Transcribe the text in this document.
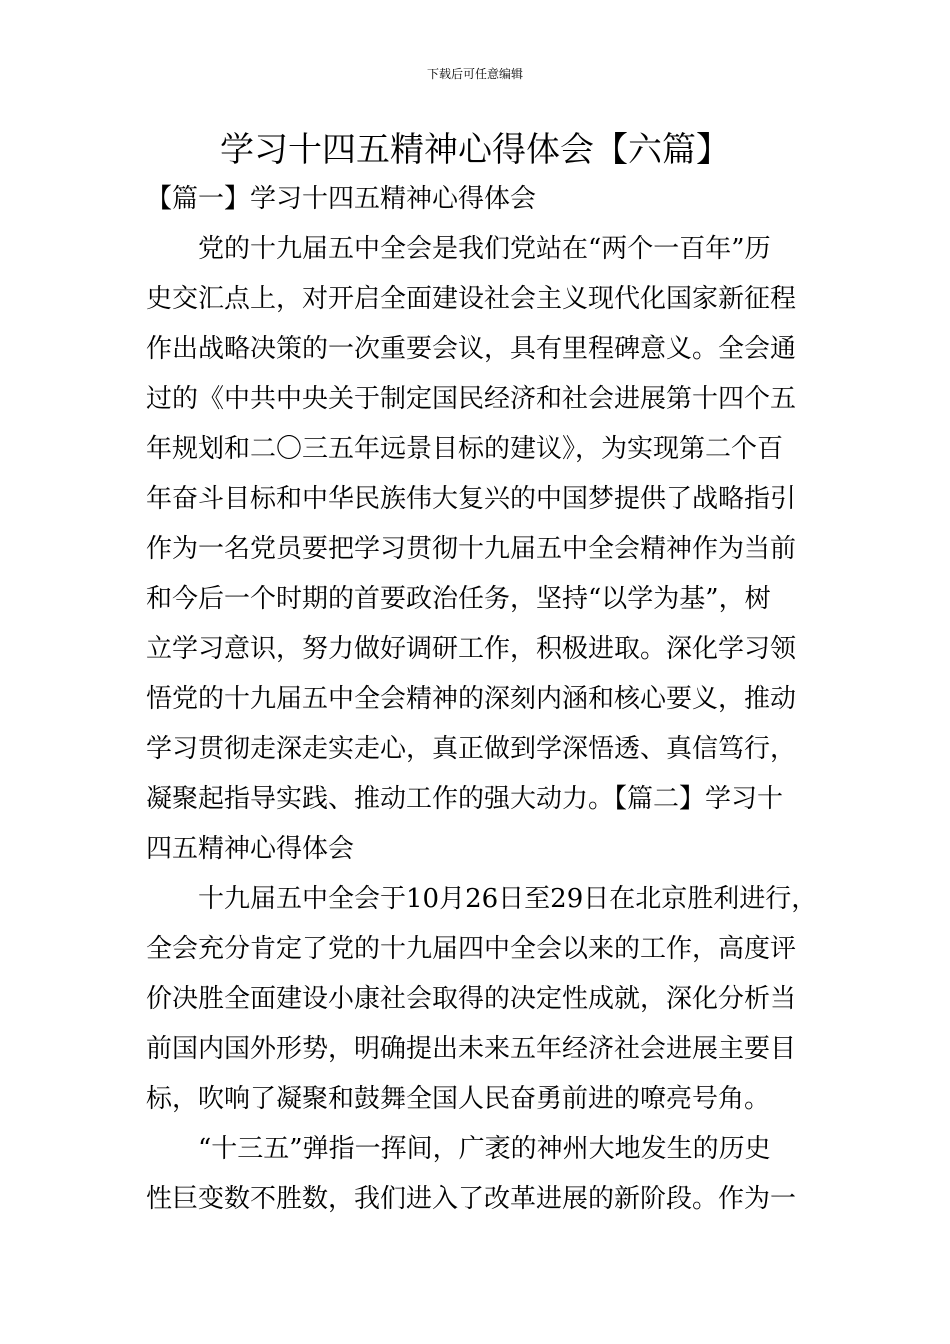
下载后可任意编辑
学习十四五精神心得体会【六篇】
【篇一】学习十四五精神心得体会
　　党的十九届五中全会是我们党站在“两个一百年”历
史交汇点上，对开启全面建设社会主义现代化国家新征程
作出战略决策的一次重要会议，具有里程碑意义。全会通
过的《中共中央关于制定国民经济和社会进展第十四个五
年规划和二〇三五年远景目标的建议》，为实现第二个百
年奋斗目标和中华民族伟大复兴的中国梦提供了战略指引
作为一名党员要把学习贯彻十九届五中全会精神作为当前
和今后一个时期的首要政治任务，坚持“以学为基”，树
立学习意识，努力做好调研工作，积极进取。深化学习领
悟党的十九届五中全会精神的深刻内涵和核心要义，推动
学习贯彻走深走实走心，真正做到学深悟透、真信笃行，
凝聚起指导实践、推动工作的强大动力。【篇二】学习十
四五精神心得体会
　　十九届五中全会于10月26日至29日在北京胜利进行，
全会充分肯定了党的十九届四中全会以来的工作，高度评
价决胜全面建设小康社会取得的决定性成就，深化分析当
前国内国外形势，明确提出未来五年经济社会进展主要目
标，吹响了凝聚和鼓舞全国人民奋勇前进的嘹亮号角。
　　“十三五”弹指一挥间，广袤的神州大地发生的历史
性巨变数不胜数，我们进入了改革进展的新阶段。作为一
